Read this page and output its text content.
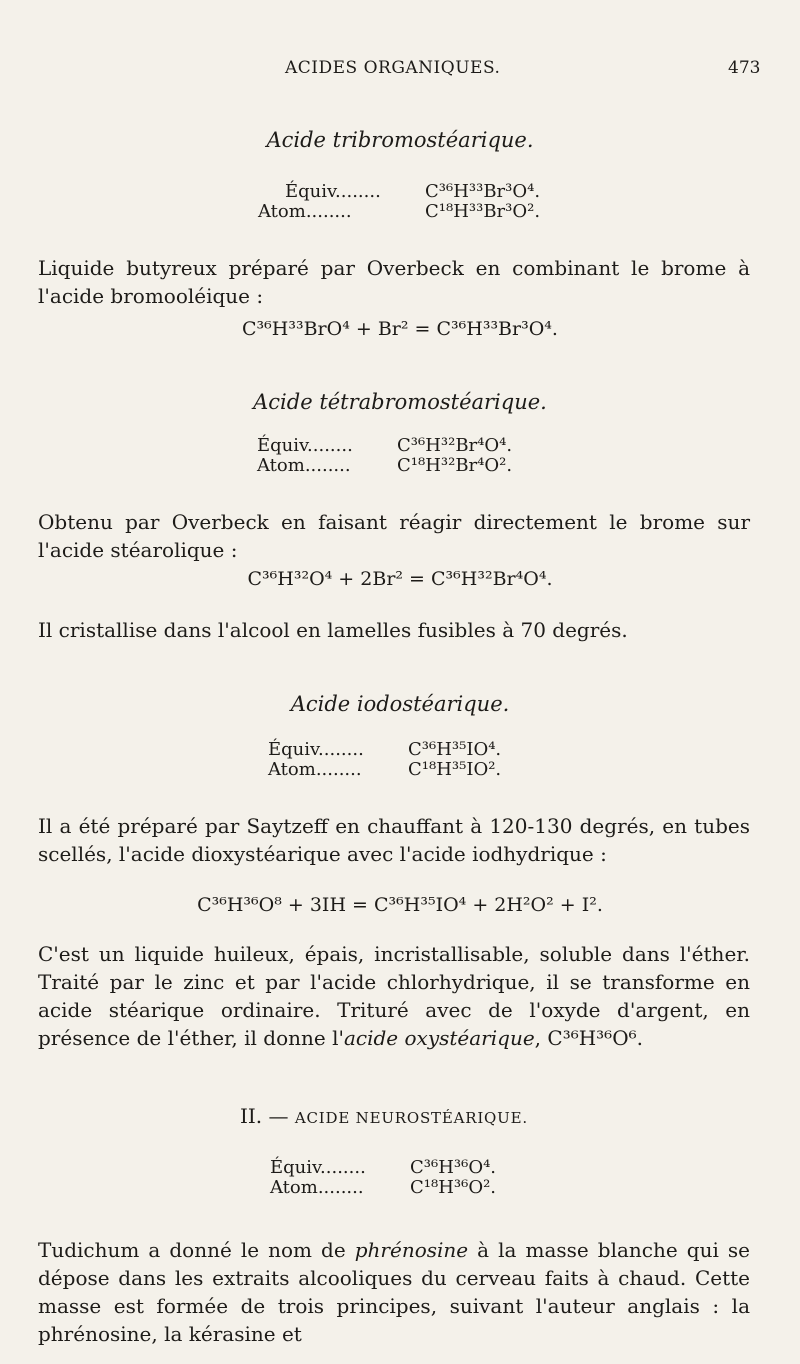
ACIDES ORGANIQUES.	473
Acide tribromostéarique.
Équiv........ C³⁶H³³Br³O⁴.
Atom........	C¹⁸H³³Br³O².
Liquide butyreux préparé par Overbeck en combinant le brome à l'acide bromooléique :
C³⁶H³³BrO⁴ + Br² = C³⁶H³³Br³O⁴.
Acide tétrabromostéarique.
Équiv........ C³⁶H³²Br⁴O⁴.
Atom........	C¹⁸H³²Br⁴O².
Obtenu par Overbeck en faisant réagir directement le brome sur l'acide stéarolique :
C³⁶H³²O⁴ + 2Br² = C³⁶H³²Br⁴O⁴.
Il cristallise dans l'alcool en lamelles fusibles à 70 degrés.
Acide iodostéarique.
Équiv........ C³⁶H³⁵IO⁴.
Atom........	C¹⁸H³⁵IO².
Il a été préparé par Saytzeff en chauffant à 120-130 degrés, en tubes scellés, l'acide dioxystéarique avec l'acide iodhydrique :
C³⁶H³⁶O⁸ + 3IH = C³⁶H³⁵IO⁴ + 2H²O² + I².
C'est un liquide huileux, épais, incristallisable, soluble dans l'éther. Traité par le zinc et par l'acide chlorhydrique, il se transforme en acide stéarique ordinaire. Trituré avec de l'oxyde d'argent, en présence de l'éther, il donne l'acide oxystéarique, C³⁶H³⁶O⁶.
II. — ACIDE NEUROSTÉARIQUE.
Équiv........ C³⁶H³⁶O⁴.
Atom........	C¹⁸H³⁶O².
Tudichum a donné le nom de phrénosine à la masse blanche qui se dépose dans les extraits alcooliques du cerveau faits à chaud. Cette masse est formée de trois principes, suivant l'auteur anglais : la phrénosine, la kérasine et
